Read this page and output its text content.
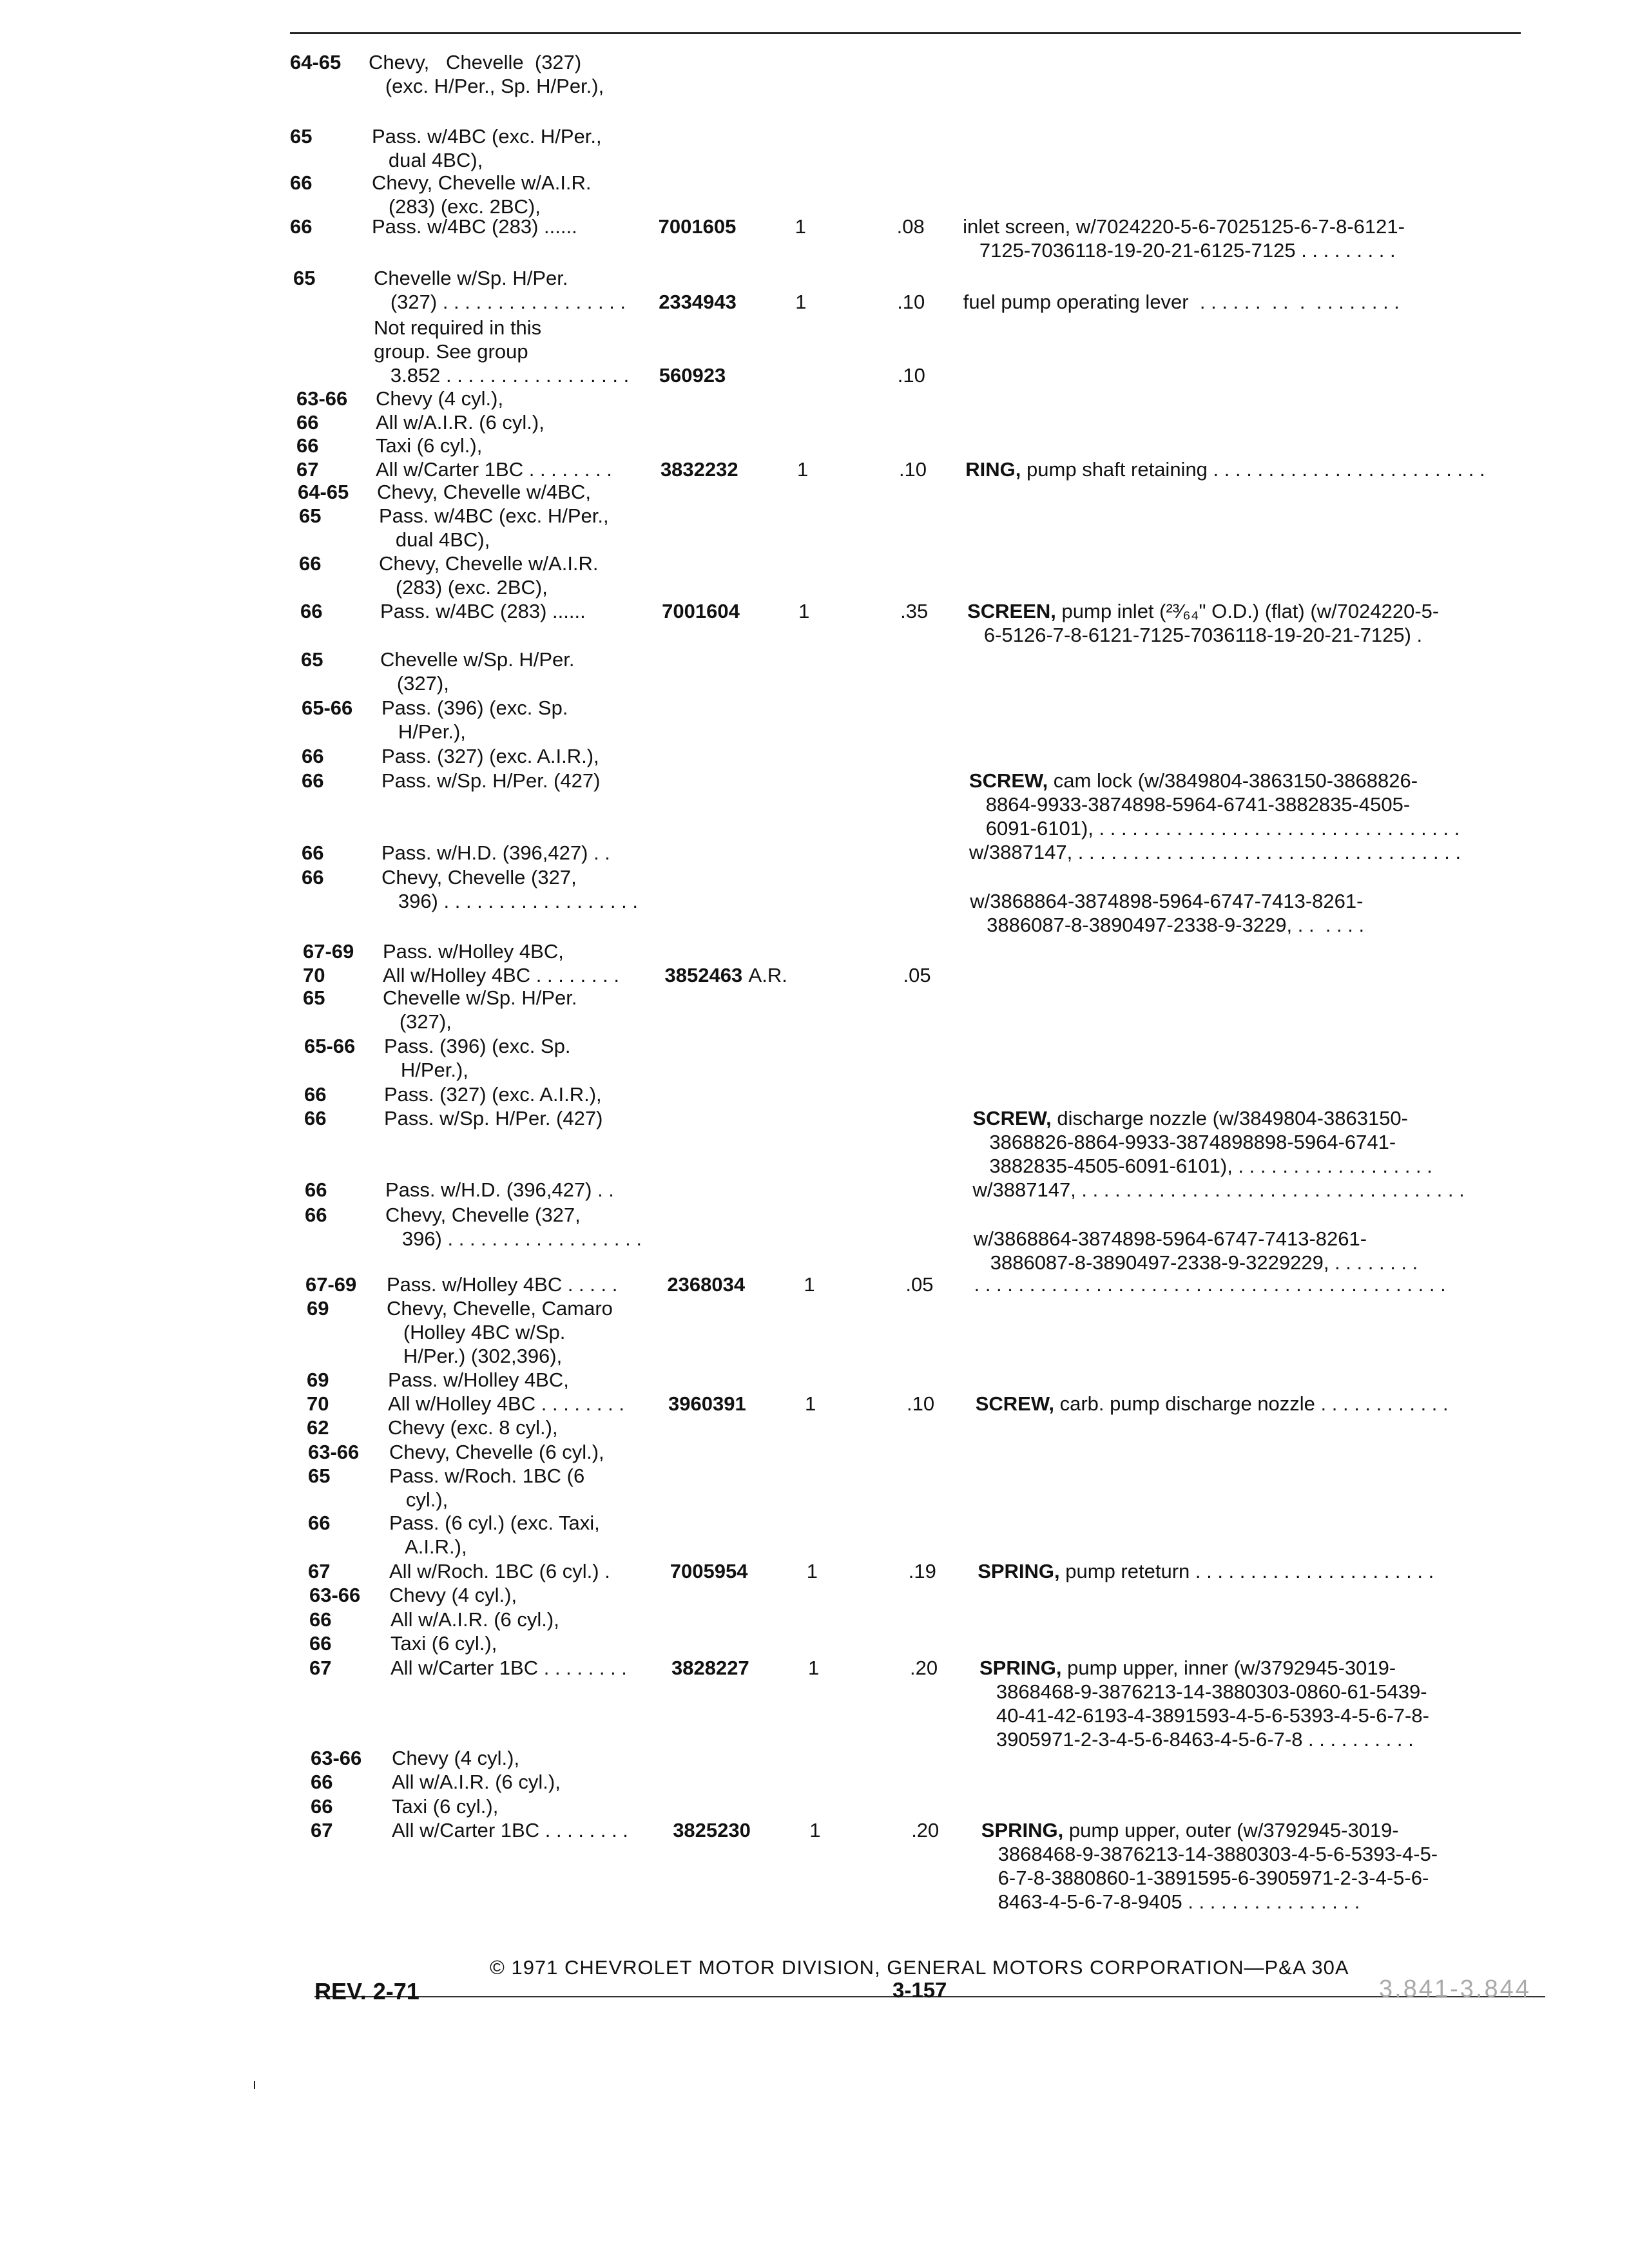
64-65 Chevy,   Chevelle  (327)
(exc. H/Per., Sp. H/Per.),
65	Pass. w/4BC (exc. H/Per.,
dual 4BC),
66	Chevy, Chevelle w/A.I.R.
(283) (exc. 2BC),
66	Pass. w/4BC (283) ......	7001605	1	.08 inlet screen, w/7024220-5-6-7025125-6-7-8-6121-
7125-7036118-19-20-21-6125-7125 . . . . . . . . .
65	Chevelle w/Sp. H/Per.
(327) . . . . . . . . . . . . . . . . . 2334943	1	.10 fuel pump operating lever  . . . . . .  . .  .  . . . . . . . .
Not required in this
group. See group
3.852 . . . . . . . . . . . . . . . . . 560923	.10
63-66 Chevy (4 cyl.),
66	All w/A.I.R. (6 cyl.),
66	Taxi (6 cyl.),
67	All w/Carter 1BC . . . . . . . . 3832232	1	.10 RING, pump shaft retaining . . . . . . . . . . . . . . . . . . . . . . . . .
64-65 Chevy, Chevelle w/4BC,
65	Pass. w/4BC (exc. H/Per.,
dual 4BC),
66	Chevy, Chevelle w/A.I.R.
(283) (exc. 2BC),
66	Pass. w/4BC (283) ......	7001604	1	.35 SCREEN, pump inlet (²³⁄₆₄" O.D.) (flat) (w/7024220-5-
6-5126-7-8-6121-7125-7036118-19-20-21-7125) .
65	Chevelle w/Sp. H/Per.
(327),
65-66 Pass. (396) (exc. Sp.
H/Per.),
66	Pass. (327) (exc. A.I.R.),
66	Pass. w/Sp. H/Per. (427)	SCREW, cam lock (w/3849804-3863150-3868826-
8864-9933-3874898-5964-6741-3882835-4505-
6091-6101), . . . . . . . . . . . . . . . . . . . . . . . . . . . . . . . . .
w/3887147, . . . . . . . . . . . . . . . . . . . . . . . . . . . . . . . . . . .
66	Pass. w/H.D. (396,427) . .
66	Chevy, Chevelle (327,
396) . . . . . . . . . . . . . . . . . .	w/3868864-3874898-5964-6747-7413-8261-
3886087-8-3890497-2338-9-3229, . .  . . . .
67-69 Pass. w/Holley 4BC,
70	All w/Holley 4BC . . . . . . . . 3852463 A.R.	.05
65	Chevelle w/Sp. H/Per.
(327),
65-66 Pass. (396) (exc. Sp.
H/Per.),
66	Pass. (327) (exc. A.I.R.),
66	Pass. w/Sp. H/Per. (427)	SCREW, discharge nozzle (w/3849804-3863150-
3868826-8864-9933-3874898898-5964-6741-
3882835-4505-6091-6101), . . . . . . . . . . . . . . . . . .
w/3887147, . . . . . . . . . . . . . . . . . . . . . . . . . . . . . . . . . . .
66	Pass. w/H.D. (396,427) . .
66	Chevy, Chevelle (327,
396) . . . . . . . . . . . . . . . . . .	w/3868864-3874898-5964-6747-7413-8261-
3886087-8-3890497-2338-9-3229229, . . . . . . . .
67-69 Pass. w/Holley 4BC . . . . . 2368034	1	.05 . . . . . . . . . . . . . . . . . . . . . . . . . . . . . . . . . . . . . . . . . . .
69	Chevy, Chevelle, Camaro
(Holley 4BC w/Sp.
H/Per.) (302,396),
69	Pass. w/Holley 4BC,
70	All w/Holley 4BC . . . . . . . . 3960391	1	.10 SCREW, carb. pump discharge nozzle . . . . . . . . . . . .
62	Chevy (exc. 8 cyl.),
63-66 Chevy, Chevelle (6 cyl.),
65	Pass. w/Roch. 1BC (6
cyl.),
66	Pass. (6 cyl.) (exc. Taxi,
A.I.R.),
67	All w/Roch. 1BC (6 cyl.) .	7005954	1	.19 SPRING, pump reteturn . . . . . . . . . . . . . . . . . . . . . .
63-66 Chevy (4 cyl.),
66	All w/A.I.R. (6 cyl.),
66	Taxi (6 cyl.),
67	All w/Carter 1BC . . . . . . . . 3828227	1	.20 SPRING, pump upper, inner (w/3792945-3019-
3868468-9-3876213-14-3880303-0860-61-5439-
40-41-42-6193-4-3891593-4-5-6-5393-4-5-6-7-8-
3905971-2-3-4-5-6-8463-4-5-6-7-8 . . . . . . . . . .
63-66 Chevy (4 cyl.),
66	All w/A.I.R. (6 cyl.),
66	Taxi (6 cyl.),
67	All w/Carter 1BC . . . . . . . . 3825230	1	.20 SPRING, pump upper, outer (w/3792945-3019-
3868468-9-3876213-14-3880303-4-5-6-5393-4-5-
6-7-8-3880860-1-3891595-6-3905971-2-3-4-5-6-
8463-4-5-6-7-8-9405 . . . . . . . . . . . . . . . .
© 1971 CHEVROLET MOTOR DIVISION, GENERAL MOTORS CORPORATION—P&A 30A
REV. 2-71	3-157	3.841-3.844
ı
